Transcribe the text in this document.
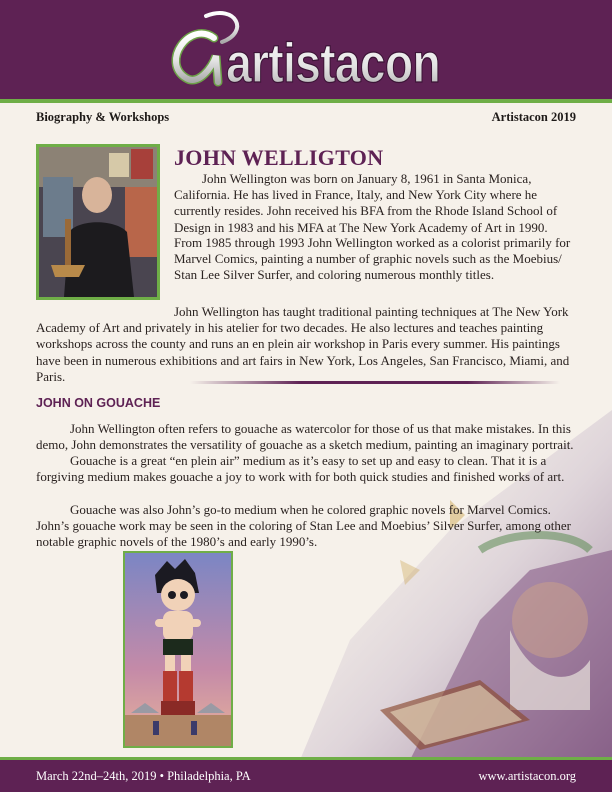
artistacon
Biography & Workshops	Artistacon 2019
JOHN WELLIGTON

John Wellington was born on January 8, 1961 in Santa Monica, California. He has lived in France, Italy, and New York City where he currently resides. John received his BFA from the Rhode Island School of Design in 1983 and his MFA at The New York Academy of Art in 1990.

From 1985 through 1993 John Wellington worked as a colorist primarily for Marvel Comics, painting a number of graphic novels such as the Moebius/ Stan Lee Silver Surfer, and coloring numerous monthly titles.

John Wellington has taught traditional painting techniques at The New York Academy of Art and privately in his atelier for two decades. He also lectures and teaches painting workshops across the county and runs an en plein air workshop in Paris every summer. His paintings have been in numerous exhibitions and art fairs in New York, Los Angeles, San Francisco, Miami, and Paris.

JOHN ON GOUACHE

John Wellington often refers to gouache as watercolor for those of us that make mistakes. In this demo, John demonstrates the versatility of gouache as a sketch medium, painting an imaginary portrait.

Gouache is a great “en plein air” medium as it’s easy to set up and easy to clean. That it is a forgiving medium makes gouache a joy to work with for both quick studies and finished works of art.

Gouache was also John’s go-to medium when he colored graphic novels for Marvel Comics. John’s gouache work may be seen in the coloring of Stan Lee and Moebius’ Silver Surfer, among other notable graphic novels of the 1980’s and early 1990’s.

March 22nd–24th, 2019 • Philadelphia, PA	www.artistacon.org
